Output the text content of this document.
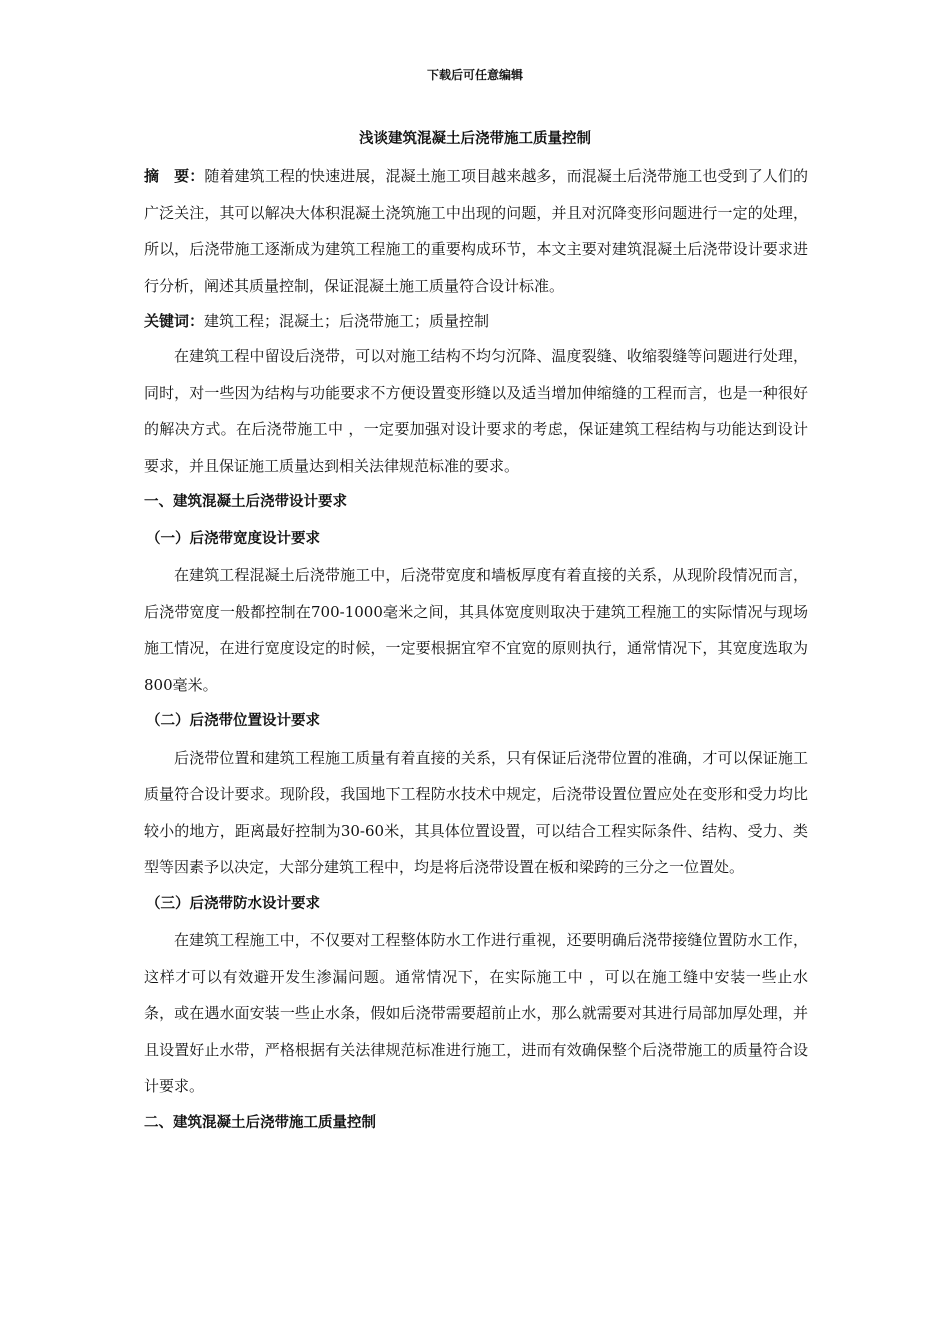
下载后可任意编辑
浅谈建筑混凝土后浇带施工质量控制

摘　要：随着建筑工程的快速进展，混凝土施工项目越来越多，而混凝土后浇带施工也受到了人们的广泛关注，其可以解决大体积混凝土浇筑施工中出现的问题，并且对沉降变形问题进行一定的处理，所以，后浇带施工逐渐成为建筑工程施工的重要构成环节，本文主要对建筑混凝土后浇带设计要求进行分析，阐述其质量控制，保证混凝土施工质量符合设计标准。

关键词：建筑工程；混凝土；后浇带施工；质量控制

在建筑工程中留设后浇带，可以对施工结构不均匀沉降、温度裂缝、收缩裂缝等问题进行处理，同时，对一些因为结构与功能要求不方便设置变形缝以及适当增加伸缩缝的工程而言，也是一种很好的解决方式。在后浇带施工中 ，一定要加强对设计要求的考虑，保证建筑工程结构与功能达到设计要求，并且保证施工质量达到相关法律规范标准的要求。

一、建筑混凝土后浇带设计要求
（一）后浇带宽度设计要求

在建筑工程混凝土后浇带施工中，后浇带宽度和墙板厚度有着直接的关系，从现阶段情况而言，后浇带宽度一般都控制在700-1000毫米之间，其具体宽度则取决于建筑工程施工的实际情况与现场施工情况，在进行宽度设定的时候，一定要根据宜窄不宜宽的原则执行，通常情况下，其宽度选取为800毫米。

（二）后浇带位置设计要求

后浇带位置和建筑工程施工质量有着直接的关系，只有保证后浇带位置的准确，才可以保证施工质量符合设计要求。现阶段，我国地下工程防水技术中规定，后浇带设置位置应处在变形和受力均比较小的地方，距离最好控制为30-60米，其具体位置设置，可以结合工程实际条件、结构、受力、类型等因素予以决定，大部分建筑工程中，均是将后浇带设置在板和梁跨的三分之一位置处。

（三）后浇带防水设计要求

在建筑工程施工中，不仅要对工程整体防水工作进行重视，还要明确后浇带接缝位置防水工作，这样才可以有效避开发生渗漏问题。通常情况下，在实际施工中 ，可以在施工缝中安装一些止水条，或在遇水面安装一些止水条，假如后浇带需要超前止水，那么就需要对其进行局部加厚处理，并且设置好止水带，严格根据有关法律规范标准进行施工，进而有效确保整个后浇带施工的质量符合设计要求。

二、建筑混凝土后浇带施工质量控制
